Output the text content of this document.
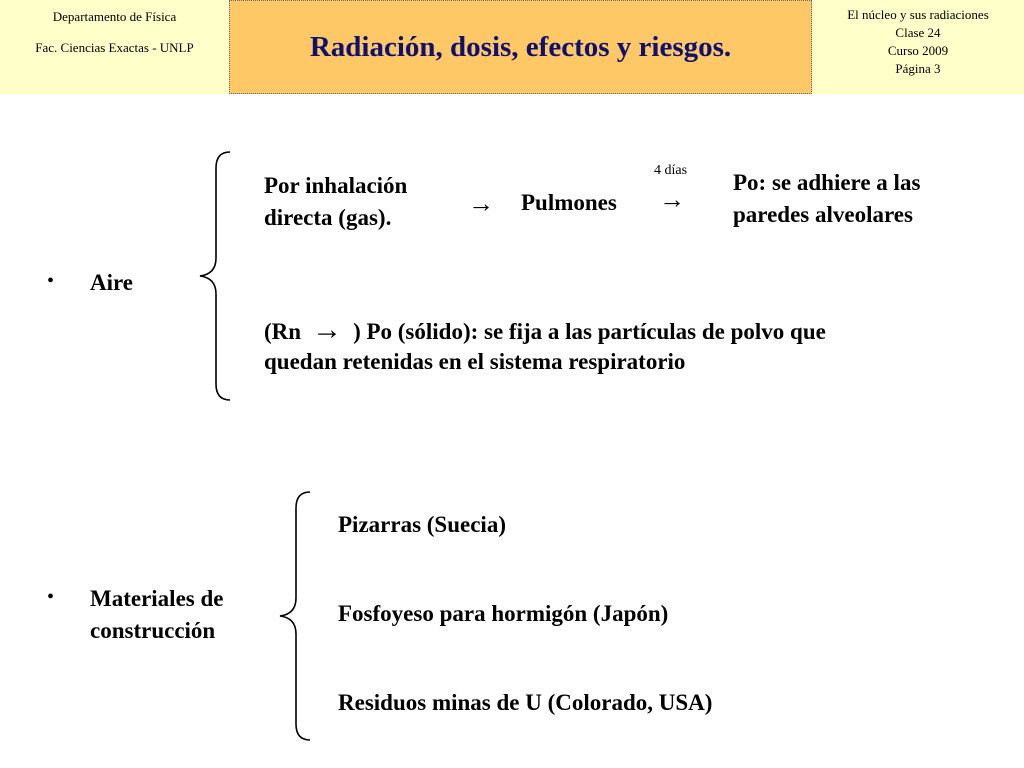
Departamento de Física
Fac. Ciencias Exactas - UNLP	Radiación, dosis, efectos y riesgos.
El núcleo y sus radiaciones
Clase 24
Curso 2009
Página 3
• Aire
Por inhalación
directa (gas).	→ Pulmones
4 días
→
Po: se adhiere a las
paredes alveolares
(Rn → ) Po (sólido): se fija a las partículas de polvo que
quedan retenidas en el sistema respiratorio
• Materiales de
construcción
Pizarras (Suecia)
Fosfoyeso para hormigón (Japón)
Residuos minas de U (Colorado, USA)
